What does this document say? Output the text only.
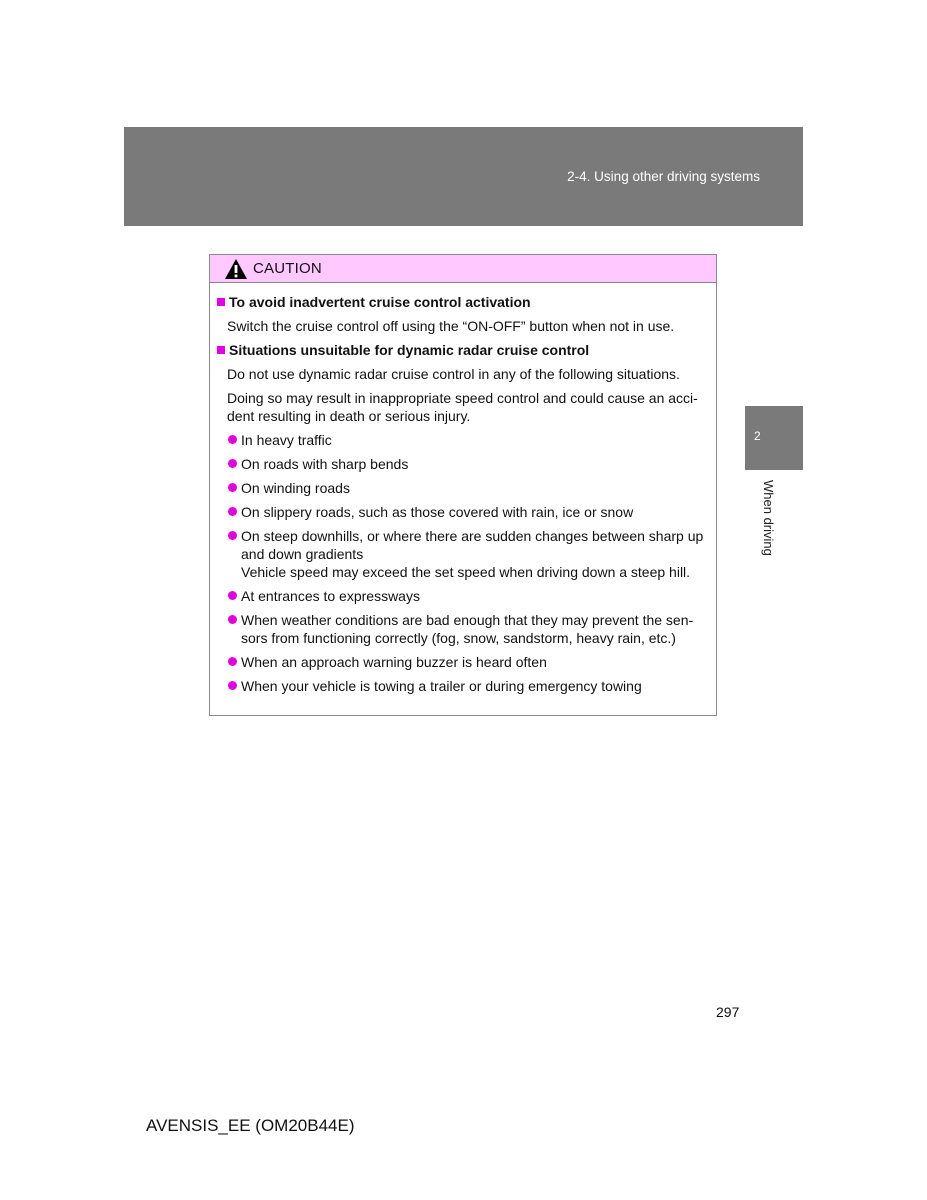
2-4. Using other driving systems
2
When driving
CAUTION
To avoid inadvertent cruise control activation
Switch the cruise control off using the “ON-OFF” button when not in use.
Situations unsuitable for dynamic radar cruise control
Do not use dynamic radar cruise control in any of the following situations.
Doing so may result in inappropriate speed control and could cause an acci-dent resulting in death or serious injury.
In heavy traffic
On roads with sharp bends
On winding roads
On slippery roads, such as those covered with rain, ice or snow
On steep downhills, or where there are sudden changes between sharp up and down gradients
Vehicle speed may exceed the set speed when driving down a steep hill.
At entrances to expressways
When weather conditions are bad enough that they may prevent the sen-sors from functioning correctly (fog, snow, sandstorm, heavy rain, etc.)
When an approach warning buzzer is heard often
When your vehicle is towing a trailer or during emergency towing
297
AVENSIS_EE (OM20B44E)
